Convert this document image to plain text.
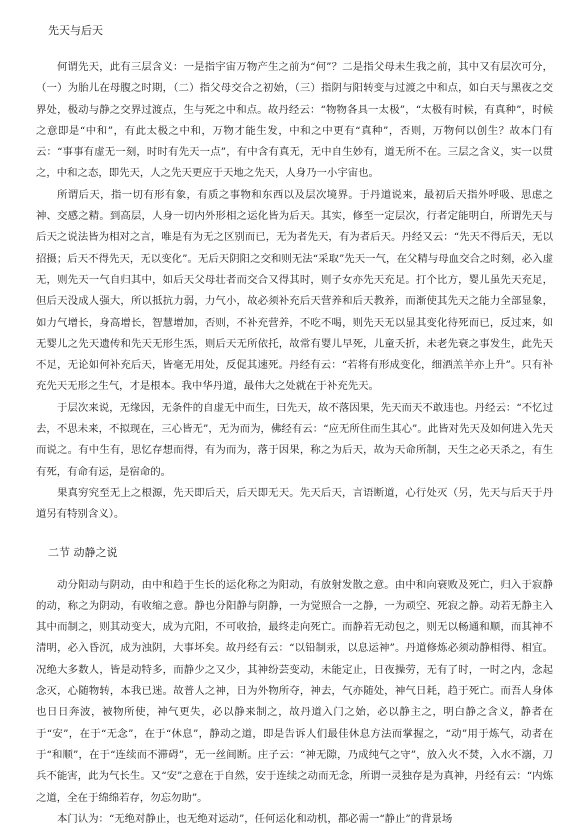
先天与后天

何谓先天，此有三层含义：一是指宇宙万物产生之前为“何”？二是指父母未生我之前，其中又有层次可分，（一）为胎儿在母腹之时期，（二）指父母交合之初始，（三）指阴与阳转变与过渡之中和点，如白天与黑夜之交界处，极动与静之交界过渡点，生与死之中和点。故丹经云：“物物各具一太极”，“太极有时候，有真种”，时候之意即是“中和”，有此太极之中和，万物才能生发，中和之中更有“真种”，否则，万物何以创生？故本门有云：“事事有虚无一刻，时时有先天一点”，有中含有真无，无中自生妙有，道无所不在。三层之含义，实一以贯之，中和之态，即先天，人之先天更应于天地之先天，人身乃一小宇宙也。

所谓后天，指一切有形有象，有质之事物和东西以及层次境界。于丹道说来，最初后天指外呼吸、思虑之神、交感之精。到高层，人身一切内外形相之运化皆为后天。其实，修至一定层次，行者定能明白，所谓先天与后天之说法皆为相对之言，唯是有为无之区别而已，无为者先天，有为者后天。丹经又云：“先天不得后天，无以招摄；后天不得先天，无以变化”。无后天阴阳之交和则无法“采取”先天一气，在父精与母血交合之时刻，必入虚无，则先天一气自归其中，如后天父母壮者而交合又得其时，则子女亦先天充足。打个比方，婴儿虽先天充足，但后天没成人强大，所以抵抗力弱，力气小，故必须补充后天营养和后天教养，而渐使其先天之能力全部显象，如力气增长，身高增长，智慧增加，否则，不补充营养，不吃不喝，则先天无以显其变化待死而已，反过来，如无婴儿之先天遗传和先天无形生炁，则后天无所依托，故常有婴儿早死，儿童夭折，未老先衰之事发生，此先天不足，无论如何补充后天，皆毫无用处，反促其速死。丹经有云：“若将有形成变化，细酒羔羊亦上升”。只有补充先天无形之生气，才是根本。我中华丹道，最伟大之处就在于补充先天。

于层次来说，无缘因，无条件的自虚无中而生，曰先天，故不落因果，先天而天不敢违也。丹经云：“不忆过去，不思未来，不拟现在，三心皆无”，无为而为，佛经有云：“应无所住而生其心”。此皆对先天及如何进入先天而说之。有中生有，思忆存想而得，有为而为，落于因果，称之为后天，故为天命所制，天生之必天杀之，有生有死，有命有运，是宿命的。

果真穷究至无上之根源，先天即后天，后天即无天。先天后天，言语断道，心行处灭（另，先天与后天于丹道另有特别含义）。

二节 动静之说

动分阳动与阴动，由中和趋于生长的运化称之为阳动，有放射发散之意。由中和向衰败及死亡，归入于寂静的动，称之为阴动，有收缩之意。静也分阳静与阴静，一为觉照合一之静，一为顽空、死寂之静。动若无静主入其中而制之，则其动变大，成为亢阳，不可收拾，最终走向死亡。而静若无动包之，则无以畅通和顺，而其神不清明，必入昏沉，成为浊阴，大事坏矣。故丹经有云：“以铅制汞，以息运神”。丹道修炼必须动静相得、相宜。况绝大多数人，皆是动特多，而静少之又少，其神纷芸变动，未能定止，日夜操劳，无有了时，一时之内，念起念灭，心随物转，本我已迷。故普人之神，日为外物所夺，神去，气亦随处，神气日耗，趋于死亡。而吾人身体也日日奔波，被物所使，神气更失，必以静来制之，故丹道入门之始，必以静主之，明白静之含义，静者在于“安”，在于“无念”，在于“休息”，静动之道，即是告诉人们最佳休息方法而掌握之，“动”用于炼气，动者在于“和顺”，在于“连续而不滞碍”，无一丝间断。庄子云：“神无隙，乃成纯气之守”，放入火不焚，入水不溺，刀兵不能害，此为气长生。又“安”之意在于自然，安于连续之动而无念，所谓一灵独存是为真神，丹经有云：“内炼之道，全在于绵绵若存，勿忘勿助”。

本门认为：“无绝对静止，也无绝对运动”，任何运化和动机，都必需一“静止”的背景场
